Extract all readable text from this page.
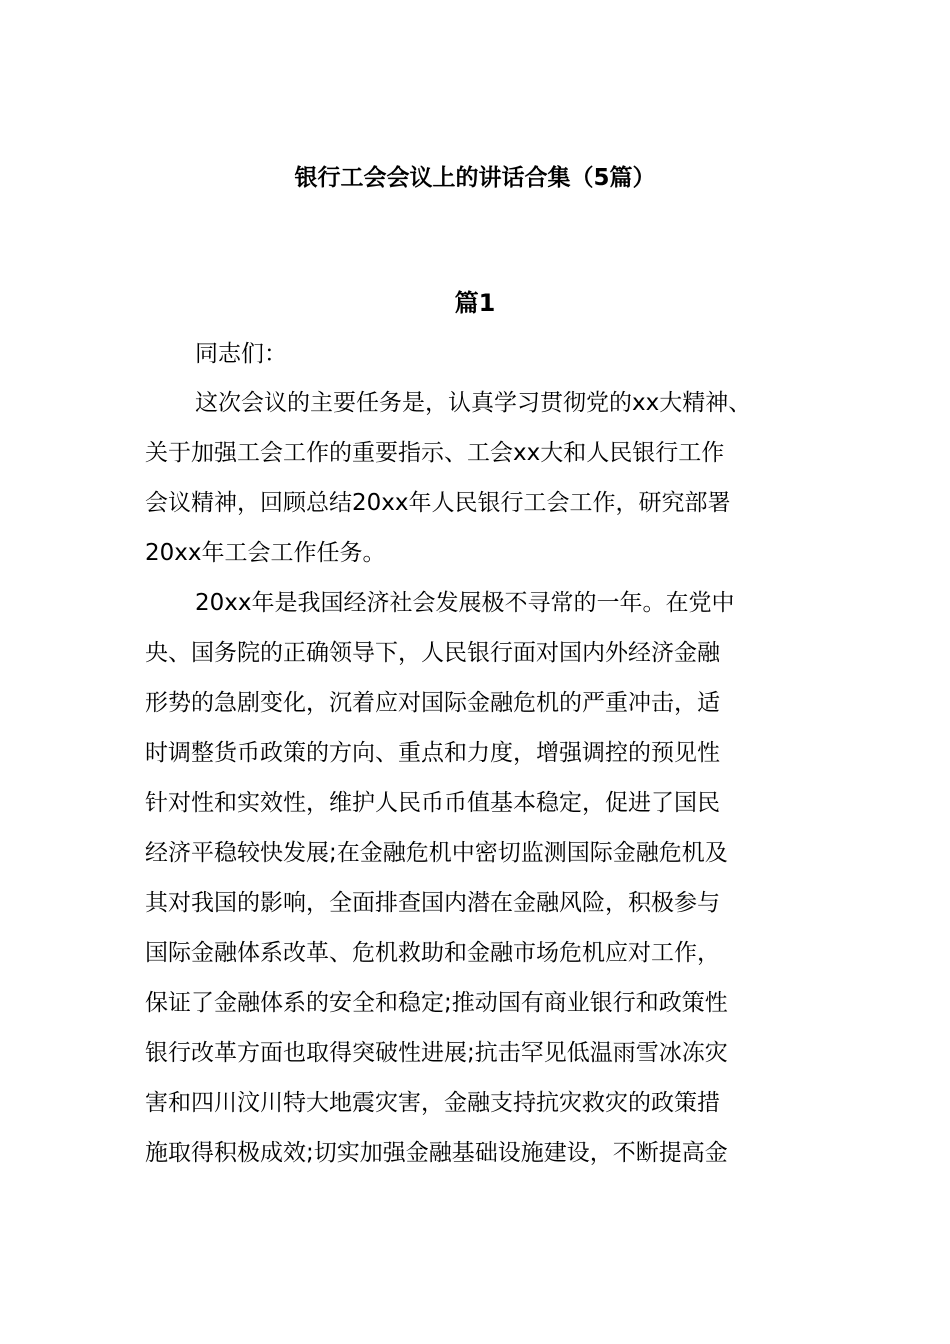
银行工会会议上的讲话合集（5篇）
篇1
同志们：
这次会议的主要任务是，认真学习贯彻党的xx大精神、
关于加强工会工作的重要指示、工会xx大和人民银行工作
会议精神，回顾总结20xx年人民银行工会工作，研究部署
20xx年工会工作任务。
20xx年是我国经济社会发展极不寻常的一年。在党中
央、国务院的正确领导下，人民银行面对国内外经济金融
形势的急剧变化，沉着应对国际金融危机的严重冲击，适
时调整货币政策的方向、重点和力度，增强调控的预见性
针对性和实效性，维护人民币币值基本稳定，促进了国民
经济平稳较快发展;在金融危机中密切监测国际金融危机及
其对我国的影响，全面排查国内潜在金融风险，积极参与
国际金融体系改革、危机救助和金融市场危机应对工作，
保证了金融体系的安全和稳定;推动国有商业银行和政策性
银行改革方面也取得突破性进展;抗击罕见低温雨雪冰冻灾
害和四川汶川特大地震灾害，金融支持抗灾救灾的政策措
施取得积极成效;切实加强金融基础设施建设，不断提高金
